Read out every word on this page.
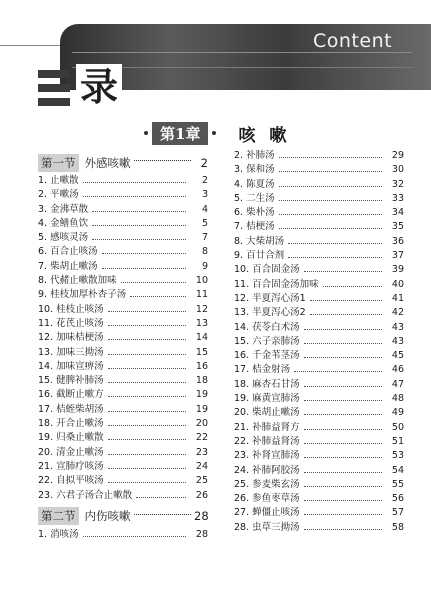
Content
录
第1章	咳嗽
第一节 外感咳嗽	2
1. 止嗽散	2
2. 平嗽汤	3
3. 金沸草散	4
4. 金鳝鱼饮	5
5. 感咳灵汤	7
6. 百合止咳汤	8
7. 柴胡止嗽汤	9
8. 代赭止嗽散加味	10
9. 桂枝加厚朴杏子汤	11
10. 桂枝止咳汤	12
11. 花芪止咳汤	13
12. 加味桔梗汤	14
13. 加味三拗汤	15
14. 加味宣痹汤	16
15. 健脾补肺汤	18
16. 截断止嗽方	19
17. 桔蛭柴胡汤	19
18. 开合止嗽汤	20
19. 归桑止嗽散	22
20. 清金止嗽汤	23
21. 宣肺疗咳汤	24
22. 自拟平咳汤	25
23. 六君子汤合止嗽散	26
第二节 内伤咳嗽	28
1. 消咳汤	28
2. 补肺汤	29
3. 保和汤	30
4. 陈夏汤	32
5. 二生汤	33
6. 柴朴汤	34
7. 桔梗汤	35
8. 大柴胡汤	36
9. 百廿合剂	37
10. 百合固金汤	39
11. 百合固金汤加味	40
12. 半夏泻心汤1	41
13. 半夏泻心汤2	42
14. 茯苓白术汤	43
15. 六子亲肺汤	43
16. 千金苇茎汤	45
17. 桔金射汤	46
18. 麻杏石甘汤	47
19. 麻黄宣肺汤	48
20. 柴胡止嗽汤	49
21. 补肺益肾方	50
22. 补肺益肾汤	51
23. 补肾宣肺汤	53
24. 补肺阿胶汤	54
25. 参麦柴玄汤	55
26. 参鱼枣草汤	56
27. 蝉僵止咳汤	57
28. 虫草三拗汤	58
